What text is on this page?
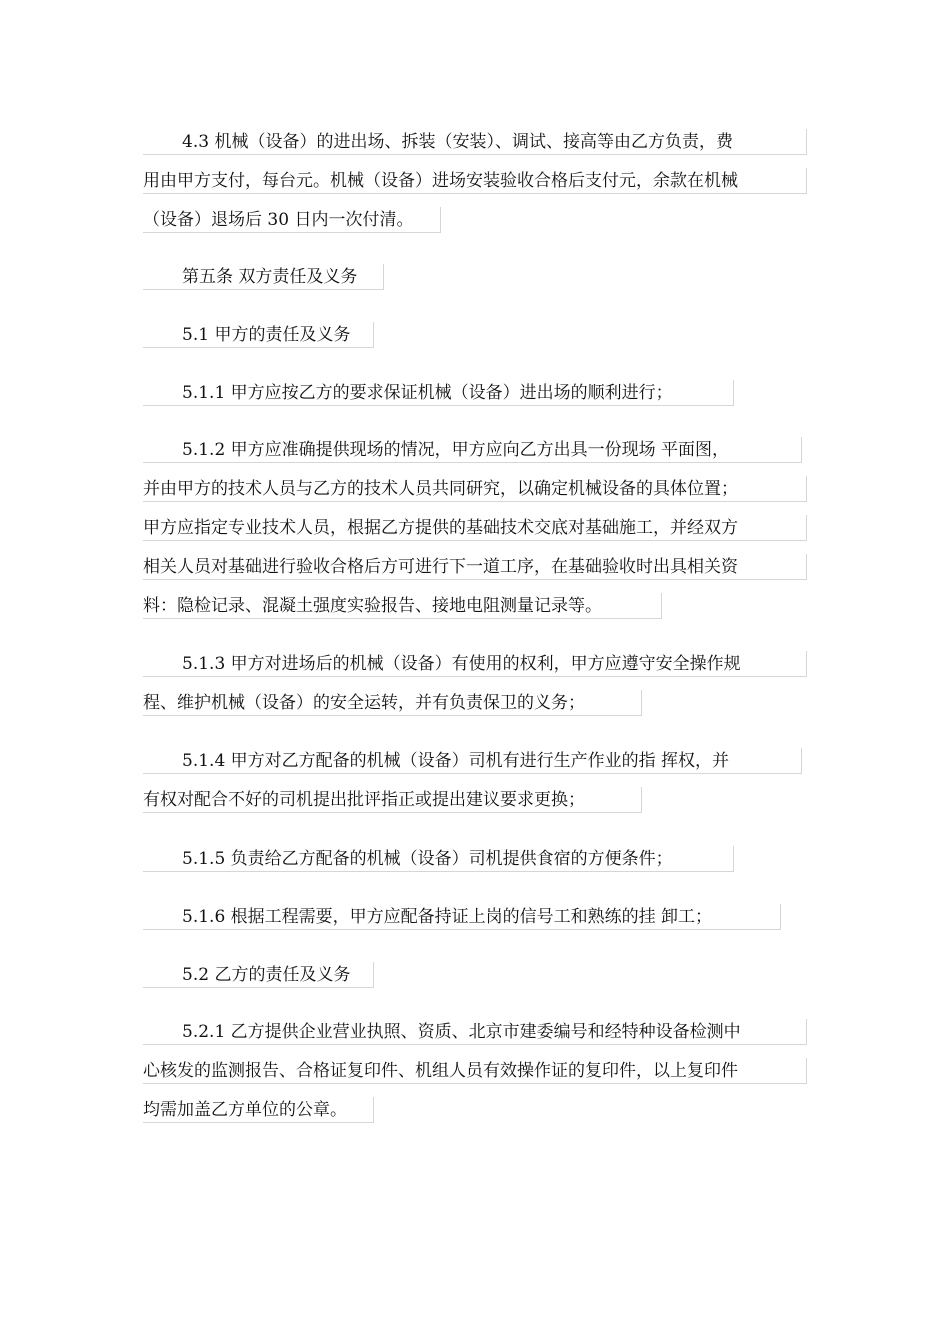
4.3 机械（设备）的进出场、拆装（安装）、调试、接高等由乙方负责，费
用由甲方支付，每台元。机械（设备）进场安装验收合格后支付元，余款在机械
（设备）退场后 30 日内一次付清。
第五条 双方责任及义务
5.1 甲方的责任及义务
5.1.1 甲方应按乙方的要求保证机械（设备）进出场的顺利进行；
5.1.2 甲方应准确提供现场的情况，甲方应向乙方出具一份现场 平面图，
并由甲方的技术人员与乙方的技术人员共同研究，以确定机械设备的具体位置；
甲方应指定专业技术人员，根据乙方提供的基础技术交底对基础施工，并经双方
相关人员对基础进行验收合格后方可进行下一道工序，在基础验收时出具相关资
料：隐检记录、混凝土强度实验报告、接地电阻测量记录等。
5.1.3 甲方对进场后的机械（设备）有使用的权利，甲方应遵守安全操作规
程、维护机械（设备）的安全运转，并有负责保卫的义务；
5.1.4 甲方对乙方配备的机械（设备）司机有进行生产作业的指 挥权，并
有权对配合不好的司机提出批评指正或提出建议要求更换；
5.1.5 负责给乙方配备的机械（设备）司机提供食宿的方便条件；
5.1.6 根据工程需要，甲方应配备持证上岗的信号工和熟练的挂 卸工；
5.2 乙方的责任及义务
5.2.1 乙方提供企业营业执照、资质、北京市建委编号和经特种设备检测中
心核发的监测报告、合格证复印件、机组人员有效操作证的复印件，以上复印件
均需加盖乙方单位的公章。
